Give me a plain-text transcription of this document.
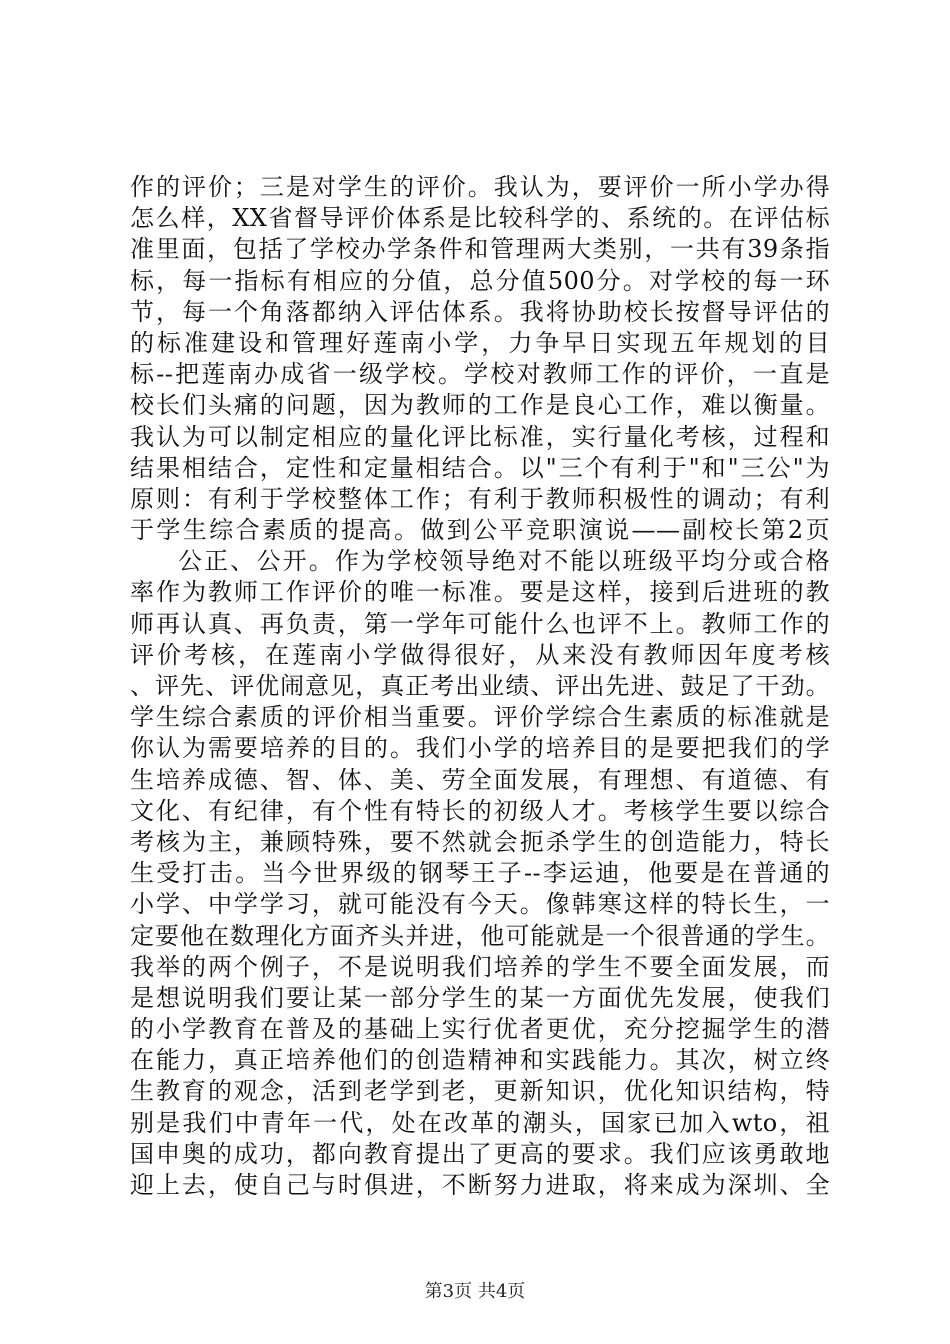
作的评价；三是对学生的评价。我认为，要评价一所小学办得
怎么样，XX省督导评价体系是比较科学的、系统的。在评估标
准里面，包括了学校办学条件和管理两大类别，一共有39条指
标，每一指标有相应的分值，总分值500分。对学校的每一环
节，每一个角落都纳入评估体系。我将协助校长按督导评估的
的标准建设和管理好莲南小学，力争早日实现五年规划的目
标--把莲南办成省一级学校。学校对教师工作的评价，一直是
校长们头痛的问题，因为教师的工作是良心工作，难以衡量。
我认为可以制定相应的量化评比标准，实行量化考核，过程和
结果相结合，定性和定量相结合。以"三个有利于"和"三公"为
原则：有利于学校整体工作；有利于教师积极性的调动；有利
于学生综合素质的提高。做到公平竞职演说——副校长第2页
公正、公开。作为学校领导绝对不能以班级平均分或合格
率作为教师工作评价的唯一标准。要是这样，接到后进班的教
师再认真、再负责，第一学年可能什么也评不上。教师工作的
评价考核，在莲南小学做得很好，从来没有教师因年度考核
、评先、评优闹意见，真正考出业绩、评出先进、鼓足了干劲。
学生综合素质的评价相当重要。评价学综合生素质的标准就是
你认为需要培养的目的。我们小学的培养目的是要把我们的学
生培养成德、智、体、美、劳全面发展，有理想、有道德、有
文化、有纪律，有个性有特长的初级人才。考核学生要以综合
考核为主，兼顾特殊，要不然就会扼杀学生的创造能力，特长
生受打击。当今世界级的钢琴王子--李运迪，他要是在普通的
小学、中学学习，就可能没有今天。像韩寒这样的特长生，一
定要他在数理化方面齐头并进，他可能就是一个很普通的学生。
我举的两个例子，不是说明我们培养的学生不要全面发展，而
是想说明我们要让某一部分学生的某一方面优先发展，使我们
的小学教育在普及的基础上实行优者更优，充分挖掘学生的潜
在能力，真正培养他们的创造精神和实践能力。其次，树立终
生教育的观念，活到老学到老，更新知识，优化知识结构，特
别是我们中青年一代，处在改革的潮头，国家已加入wto，祖
国申奥的成功，都向教育提出了更高的要求。我们应该勇敢地
迎上去，使自己与时俱进，不断努力进取，将来成为深圳、全
第3页 共4页
